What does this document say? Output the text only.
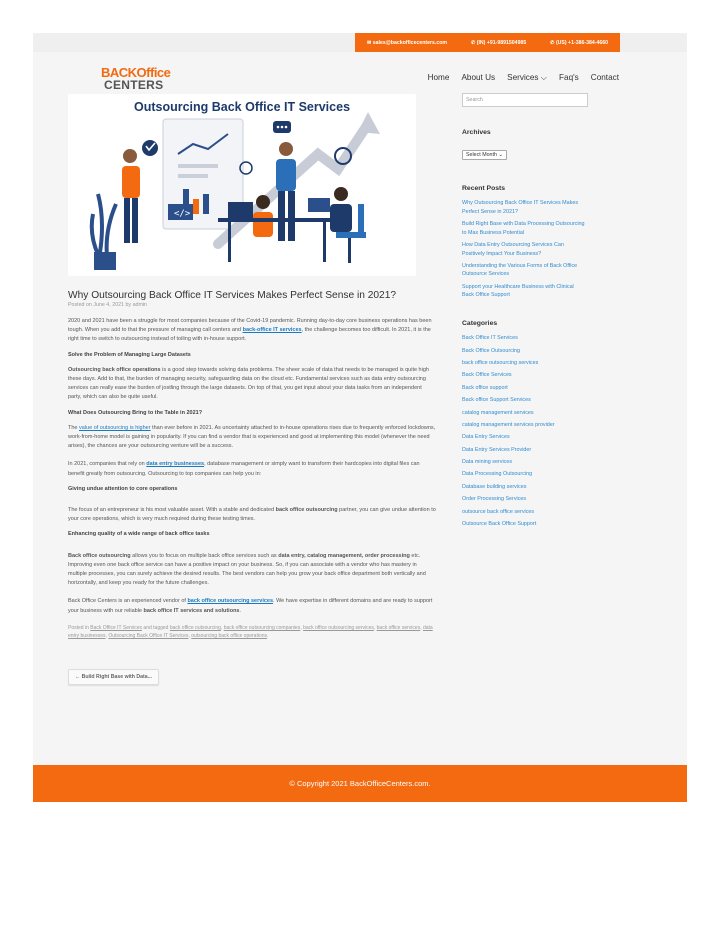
✉ sales@backofficecenters.com	✆ (IN) +91-9891504985	✆ (US) +1-386-384-4660
BACKOffice
CENTERS
Home About Us Services ⌵ Faq's Contact
Outsourcing Back Office IT Services
</>
Why Outsourcing Back Office IT Services Makes Perfect Sense in 2021?
Posted on June 4, 2021 by admin

2020 and 2021 have been a struggle for most companies because of the Covid-19 pandemic. Running day-to-day core business operations has been tough. When you add to that the pressure of managing call centers and back-office IT services, the challenge becomes too difficult. In 2021, it is the right time to switch to outsourcing instead of toiling with in-house support.

Solve the Problem of Managing Large Datasets

Outsourcing back office operations is a good step towards solving data problems. The sheer scale of data that needs to be managed is quite high these days. Add to that, the burden of managing security, safeguarding data on the cloud etc. Fundamental services such as data entry outsourcing services can really ease the burden of jostling through the large datasets. On top of that, you get input about your data tasks from an independent party, which can also be quite useful.

What Does Outsourcing Bring to the Table in 2021?

The value of outsourcing is higher than ever before in 2021. As uncertainty attached to in-house operations rises due to frequently enforced lockdowns, work-from-home model is gaining in popularity. If you can find a vendor that is experienced and good at implementing this model (whenever the need arises), the chances are your outsourcing venture will be a success.

In 2021, companies that rely on data entry businesses, database management or simply want to transform their hardcopies into digital files can benefit greatly from outsourcing. Outsourcing to top companies can help you in:

Giving undue attention to core operations

The focus of an entrepreneur is his most valuable asset. With a stable and dedicated back office outsourcing partner, you can give undue attention to your core operations, which is very much required during these testing times.

Enhancing quality of a wide range of back office tasks

Back office outsourcing allows you to focus on multiple back office services such as data entry, catalog management, order processing etc. Improving even one back office service can have a positive impact on your business. So, if you can associate with a vendor who has mastery in multiple processes, you can surely achieve the desired results. The best vendors can help you grow your back office department both vertically and horizontally, and keep you ready for the future challenges.

Back Office Centers is an experienced vendor of back office outsourcing services. We have expertise in different domains and are ready to support your business with our reliable back office IT services and solutions.

Posted in Back Office IT Services and tagged back office outsourcing, back office outsourcing companies, back office outsourcing services, back office services, data entry businesses, Outsourcing Back Office IT Services, outsourcing back office operations.
← Build Right Base with Data...
Search
Archives
Select Month ⌄
Recent Posts
Why Outsourcing Back Office IT Services Makes Perfect Sense in 2021?
Build Right Base with Data Processing Outsourcing to Max Business Potential
How Data Entry Outsourcing Services Can Positively Impact Your Business?
Understanding the Various Forms of Back Office Outsource Services
Support your Healthcare Business with Clinical Back Office Support
Categories
Back Office IT Services
Back Office Outsourcing
back office outsourcing services
Back Office Services
Back office support
Back office Support Services
catalog management services
catalog management services provider
Data Entry Services
Data Entry Services Provider
Data mining services
Data Processing Outsourcing
Database building services
Order Processing Services
outsource back office services
Outsource Back Office Support
© Copyright 2021 BackOfficeCenters.com.
